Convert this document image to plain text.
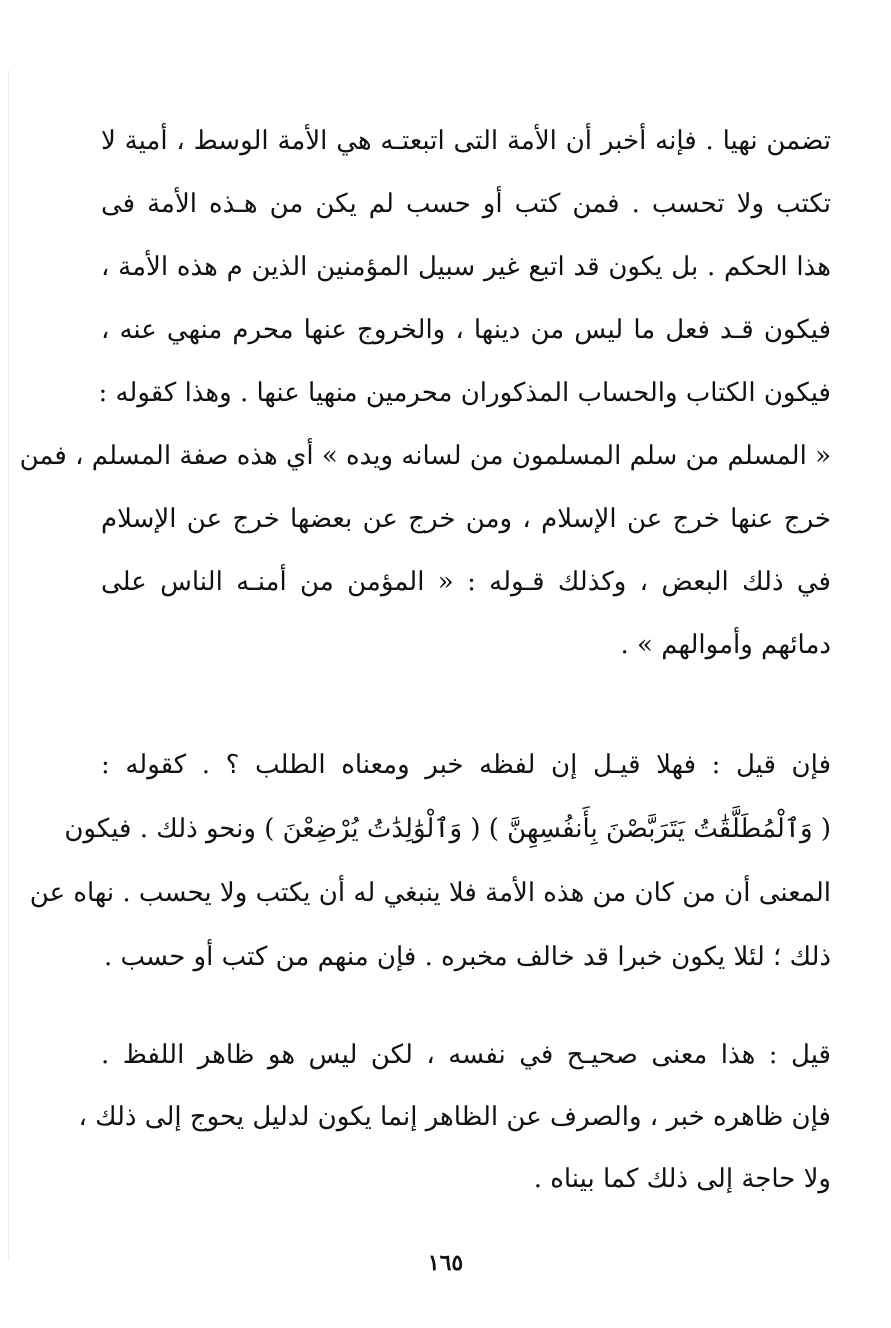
تضمن نهيا . فإنه أخبر أن الأمة التى اتبعتـه هي الأمة الوسط ، أمية لا
تكتب ولا تحسب . فمن كتب أو حسب لم يكن من هـذه الأمة فى
هذا الحكم . بل يكون قد اتبع غير سبيل المؤمنين الذين م هذه الأمة ،
فيكون قـد فعل ما ليس من دينها ، والخروج عنها محرم منهي عنه ،
فيكون الكتاب والحساب المذكوران محرمين منهيا عنها . وهذا كقوله :
« المسلم من سلم المسلمون من لسانه ويده » أي هذه صفة المسلم ، فمن
خرج عنها خرج عن الإسلام ، ومن خرج عن بعضها خرج عن الإسلام
في ذلك البعض ، وكذلك قـوله : « المؤمن من أمنـه الناس على
دمائهم وأموالهم » .
فإن قيل : فهلا قيـل إن لفظه خبر ومعناه الطلب ؟ . كقوله :
( وَٱلْمُطَلَّقَٰتُ يَتَرَبَّصْنَ بِأَنفُسِهِنَّ ) ( وَٱلْوَٰلِدَٰتُ يُرْضِعْنَ ) ونحو ذلك . فيكون
المعنى أن من كان من هذه الأمة فلا ينبغي له أن يكتب ولا يحسب . نهاه عن
ذلك ؛ لئلا يكون خبرا قد خالف مخبره . فإن منهم من كتب أو حسب .
قيل : هذا معنى صحيـح في نفسه ، لكن ليس هو ظاهر اللفظ .
فإن ظاهره خبر ، والصرف عن الظاهر إنما يكون لدليل يحوج إلى ذلك ،
ولا حاجة إلى ذلك كما بيناه .
١٦٥
